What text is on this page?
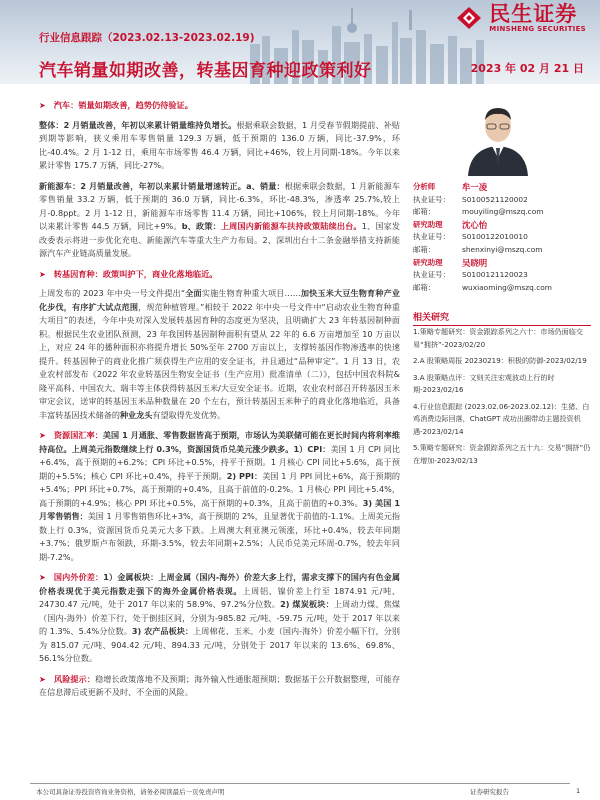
民生证券
MINSHENG SECURITIES
行业信息跟踪（2023.02.13-2023.02.19)
汽车销量如期改善，转基因育种迎政策利好	2023 年 02 月 21 日
➤ 汽车：销量如期改善，趋势仍待验证。

整体：2 月销量改善，年初以来累计销量维持负增长。根据乘联会数据，1 月受春节假期提前、补贴到期等影响，狭义乘用车零售销量 129.3 万辆，低于预期的 136.0 万辆，同比-37.9%，环比-40.4%。2 月 1-12 日，乘用车市场零售 46.4 万辆，同比+46%，较上月同期-18%。今年以来累计零售 175.7 万辆，同比-27%。

新能源车：2 月销量改善，年初以来累计销量增速转正。a、销量：根据乘联会数据，1 月新能源车零售销量 33.2 万辆，低于预期的 36.0 万辆，同比-6.3%，环比-48.3%，渗透率 25.7%,较上月-0.8ppt。2 月 1-12 日，新能源车市场零售 11.4 万辆，同比+106%，较上月同期-18%。今年以来累计零售 44.5 万辆，同比+9%。b、政策：上周国内新能源车扶持政策陆续出台。1、国家发改委表示将进一步优化充电、新能源汽车等重大生产力布局。2、深圳出台十二条金融举措支持新能源汽车产业链高质量发展。

➤ 转基因育种：政策叫护下，商业化落地临近。

上周发布的 2023 年中央一号文件提出“全面实施生物育种重大项目……加快玉米大豆生物育种产业化步伐，有序扩大试点范围，规范种植管理。”相较于 2022 年中央一号文件中“启动农业生物育种重大项目”的表述，今年中央对深入发展转基因育种的态度更为坚决，且明确扩大 23 年转基因制种面积。根据民生农业团队预测，23 年我国转基因制种面积有望从 22 年的 6.6 万亩增加至 10 万亩以上，对应 24 年的播种面积亦将提升增长 50%至年 2700 万亩以上，支撑转基因作物渗透率的快速提升。转基因种子的商业化推广须获得生产应用的安全证书，并且通过“品种审定”。1 月 13 日，农业农村部发布《2022 年农业转基因生物安全证书（生产应用）批准清单（二）》，包括中国农科院&隆平高科、中国农大、瑞丰等主体获得转基因玉米/大豆安全证书。近期，农业农村部召开转基因玉米审定会议，送审的转基因玉米品种数量在 20 个左右，预计转基因玉米种子的商业化落地临近，具备丰富转基因技术储备的种业龙头有望取得先发优势。

➤ 资源国汇率：美国 1 月通胀、零售数据皆高于预期，市场认为美联储可能在更长时间内将利率维持高位。上周美元指数继续上行 0.3%，资源国货币兑美元涨少跌多。1）CPI：美国 1 月 CPI 同比+6.4%，高于预期的+6.2%；CPI 环比+0.5%，持平于预期。1 月核心 CPI 同比+5.6%，高于预期的+5.5%；核心 CPI 环比+0.4%，持平于预期。2) PPI：美国 1 月 PPI 同比+6%，高于预期的+5.4%；PPI 环比+0.7%，高于预期的+0.4%，且高于前值的-0.2%。1 月核心 PPI 同比+5.4%，高于预期的+4.9%；核心 PPI 环比+0.5%，高于预期的+0.3%，且高于前值的+0.3%。3) 美国 1 月零售销售：美国 1 月零售销售环比+3%，高于预期的 2%，且显著优于前值的-1.1%。上周美元指数上行 0.3%，资源国货币兑美元大多下跌。上周澳大利亚澳元领涨，环比+0.4%，较去年同期+3.7%；俄罗斯卢布领跌，环期-3.5%，较去年同期+2.5%；人民币兑美元环周-0.7%，较去年同期-7.2%。

➤ 国内外价差：1）金属板块：上周金属（国内-海外）价差大多上行，需求支撑下的国内有色金属价格表现优于美元指数走强下的海外金属价格表现。上周铝、镍价差上行至 1874.91 元/吨、24730.47 元/吨，处于 2017 年以来的 58.9%、97.2%分位数。2) 煤炭板块：上周动力煤、焦煤（国内-海外）价差下行，处于倒挂区间，分别为-985.82 元/吨、-59.75 元/吨，处于 2017 年以来的 1.3%、5.4%分位数。3) 农产品板块：上周棉花、玉米、小麦（国内-海外）价差小幅下行，分别为 815.07 元/吨、904.42 元/吨、894.33 元/吨，分别处于 2017 年以来的 13.6%、69.8%、56.1%分位数。

➤ 风险提示：稳增长政策落地不及预期；海外输入性通胀超预期；数据基于公开数据整理，可能存在信息滞后或更新不及时、不全面的风险。

分析师	牟一凌
执业证号：	S0100521120002
邮箱：	mouyiling@mszq.com
研究助理	沈心怡
执业证号：	S0100122010010
邮箱：	shenxinyi@mszq.com
研究助理	吴晓明
执业证号：	S0100121120023
邮箱：	wuxiaoming@mszq.com
相关研究

1.策略专题研究：资金跟踪系列之六十：市场仍面临交易“拥挤”-2023/02/20

2.A 股策略周报 20230219：积极的防御-2023/02/19

3.A 股策略点评：文则关注宏观波动上行的时期-2023/02/16

4.行业信息跟踪 (2023.02.06-2023.02.12)：生猪、白鸡消费边际回落，ChatGPT 成功出圈带动主题投资机遇-2023/02/14

5.策略专题研究：资金跟踪系列之五十九：交易“拥挤”仍在增加-2023/02/13

本公司具备证券投资咨询业务资格，请务必阅读最后一页免责声明	证券研究报告	1
